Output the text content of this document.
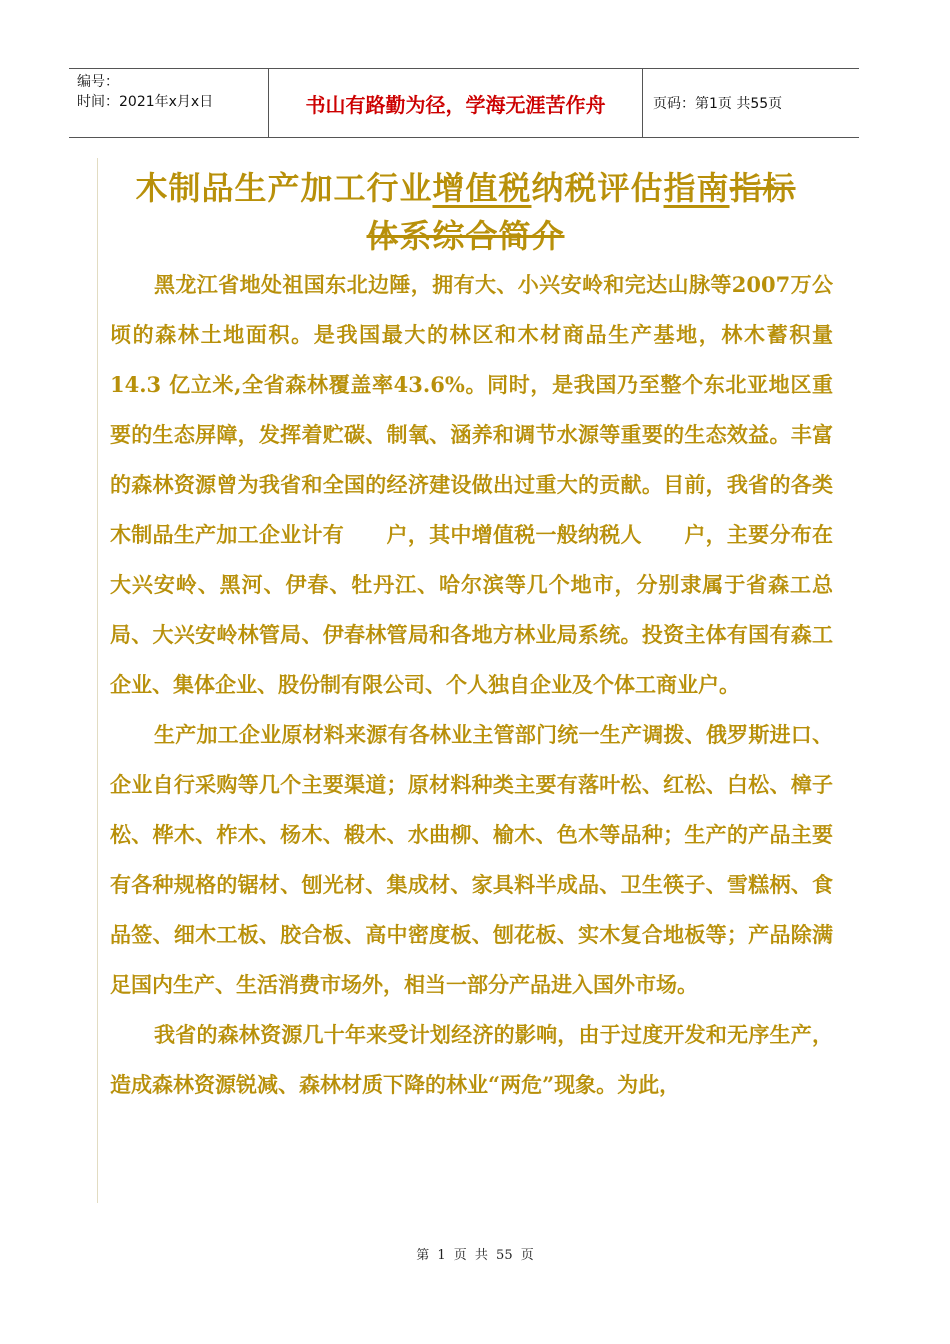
编号：
时间：2021年x月x日	书山有路勤为径，学海无涯苦作舟	页码：第1页 共55页
木制品生产加工行业增值税纳税评估指南指标
体系综合简介

黑龙江省地处祖国东北边陲，拥有大、小兴安岭和完达山脉等2007万公顷的森林土地面积。是我国最大的林区和木材商品生产基地，林木蓄积量14.3 亿立米,全省森林覆盖率43.6%。同时，是我国乃至整个东北亚地区重要的生态屏障，发挥着贮碳、制氧、涵养和调节水源等重要的生态效益。丰富的森林资源曾为我省和全国的经济建设做出过重大的贡献。目前，我省的各类木制品生产加工企业计有　　户，其中增值税一般纳税人　　户，主要分布在大兴安岭、黑河、伊春、牡丹江、哈尔滨等几个地市，分别隶属于省森工总局、大兴安岭林管局、伊春林管局和各地方林业局系统。投资主体有国有森工企业、集体企业、股份制有限公司、个人独自企业及个体工商业户。

生产加工企业原材料来源有各林业主管部门统一生产调拨、俄罗斯进口、企业自行采购等几个主要渠道；原材料种类主要有落叶松、红松、白松、樟子松、桦木、柞木、杨木、椴木、水曲柳、榆木、色木等品种；生产的产品主要有各种规格的锯材、刨光材、集成材、家具料半成品、卫生筷子、雪糕柄、食品签、细木工板、胶合板、高中密度板、刨花板、实木复合地板等；产品除满足国内生产、生活消费市场外，相当一部分产品进入国外市场。

我省的森林资源几十年来受计划经济的影响，由于过度开发和无序生产，造成森林资源锐减、森林材质下降的林业“两危”现象。为此，

第 1 页 共 55 页
